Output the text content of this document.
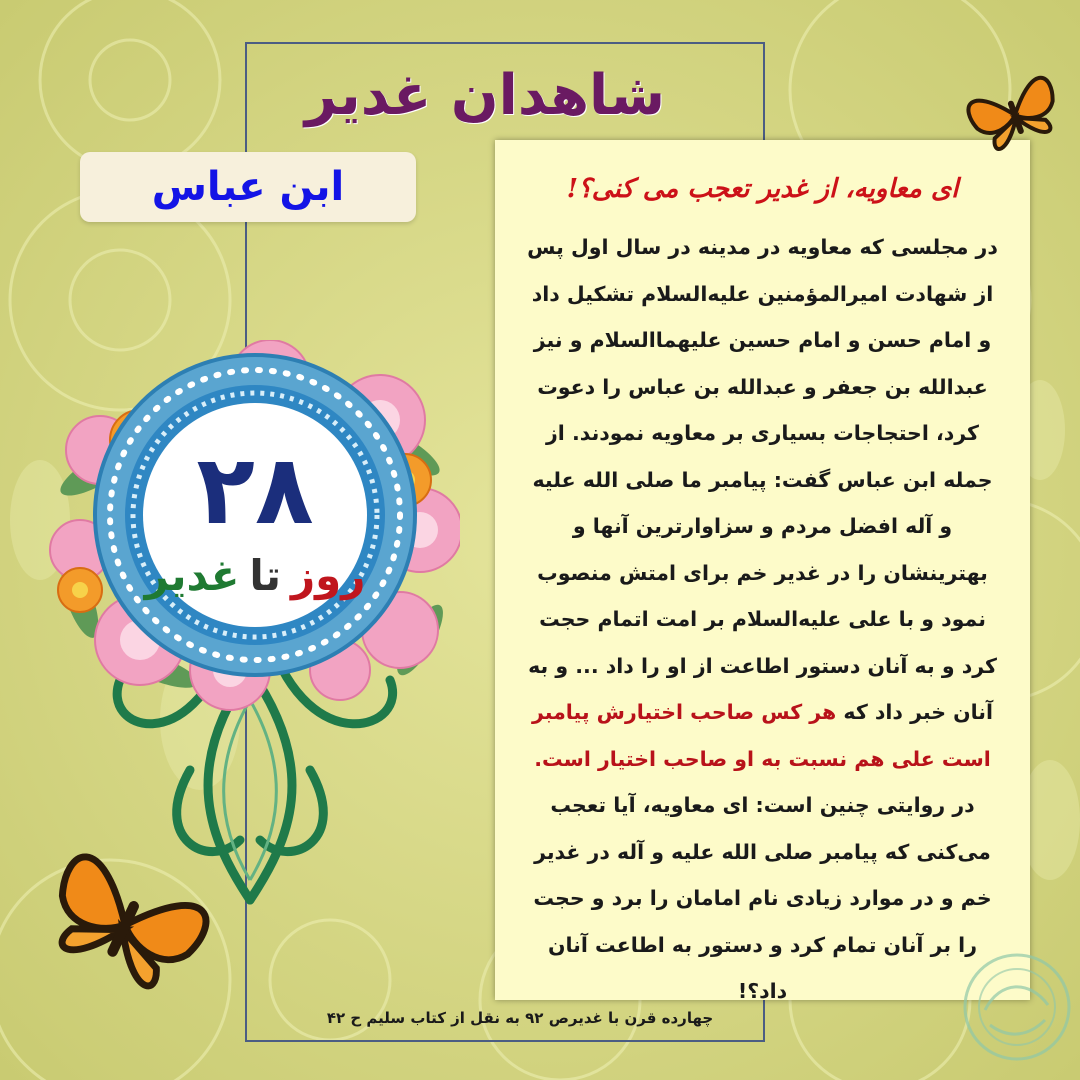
شاهدان غدیر
ابن عباس
۲۸
روز
تا
غدیر
ای معاویه، از غدیر تعجب می کنی؟!

در مجلسی که معاویه در مدینه در سال اول پس از شهادت امیرالمؤمنین علیه‌السلام تشکیل داد و امام حسن و امام حسین علیهماالسلام و نیز عبدالله بن جعفر و عبدالله بن عباس را دعوت کرد، احتجاجات بسیاری بر معاویه نمودند. از جمله ابن عباس گفت: پیامبر ما صلی الله علیه و آله افضل مردم و سزاوارترین آنها و بهترینشان را در غدیر خم برای امتش منصوب نمود و با علی علیه‌السلام بر امت اتمام حجت کرد و به آنان دستور اطاعت از او را داد ... و به آنان خبر داد که هر کس صاحب اختیارش پیامبر است علی هم نسبت به او صاحب اختیار است.
در روایتی چنین است: ای معاویه، آیا تعجب می‌کنی که پیامبر صلی الله علیه و آله در غدیر خم و در موارد زیادی نام امامان را برد و حجت را بر آنان تمام کرد و دستور به اطاعت آنان داد؟!

چهارده قرن با غدیرص ۹۲ به نقل از کتاب سلیم ح ۴۲
